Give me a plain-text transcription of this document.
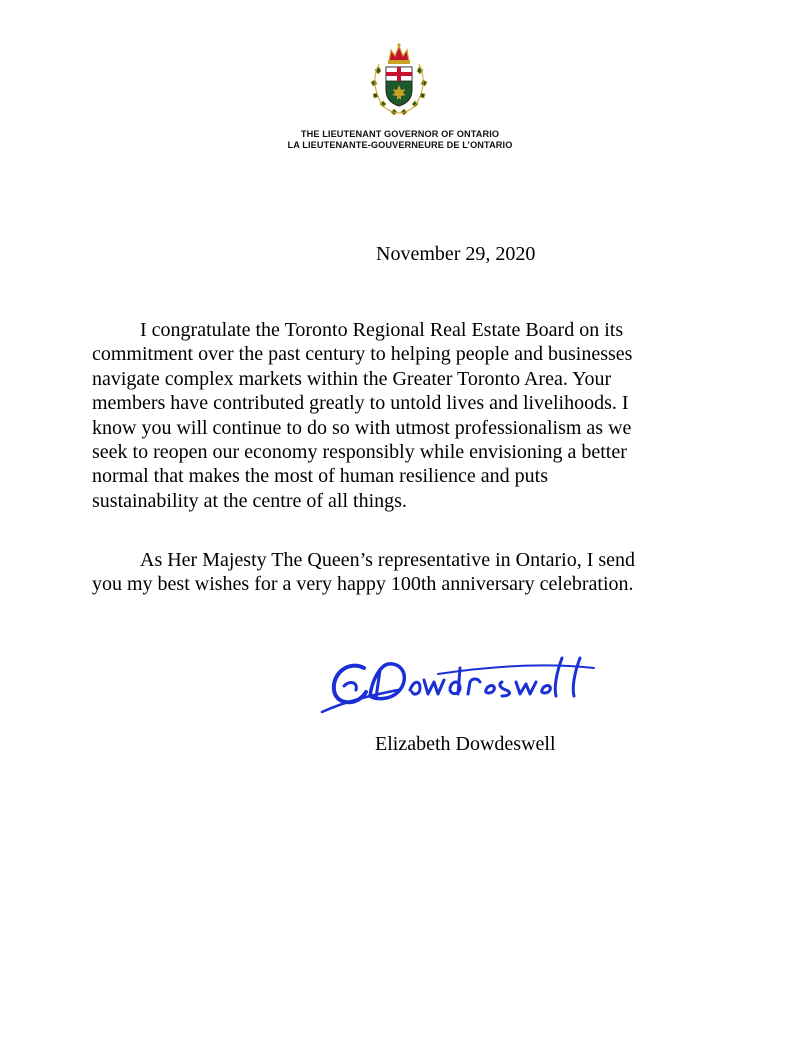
THE LIEUTENANT GOVERNOR OF ONTARIO
LA LIEUTENANTE-GOUVERNEURE DE L’ONTARIO
November 29, 2020

I congratulate the Toronto Regional Real Estate Board on its
commitment over the past century to helping people and businesses
navigate complex markets within the Greater Toronto Area. Your
members have contributed greatly to untold lives and livelihoods. I
know you will continue to do so with utmost professionalism as we
seek to reopen our economy responsibly while envisioning a better
normal that makes the most of human resilience and puts
sustainability at the centre of all things.

As Her Majesty The Queen’s representative in Ontario, I send
you my best wishes for a very happy 100th anniversary celebration.

Elizabeth Dowdeswell
